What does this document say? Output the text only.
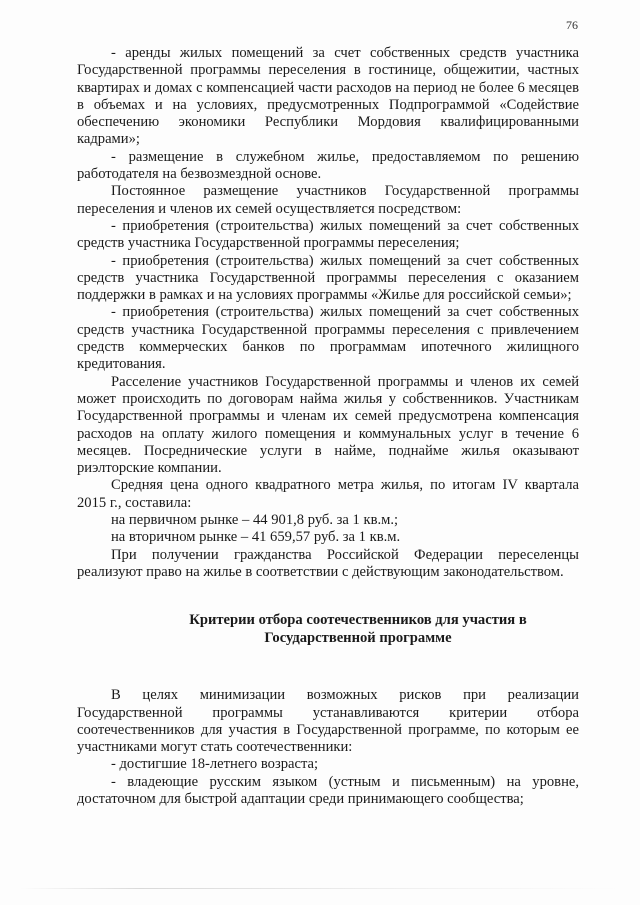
76

- аренды жилых помещений за счет собственных средств участника Государственной программы переселения в гостинице, общежитии, частных квартирах и домах с компенсацией части расходов на период не более 6 месяцев в объемах и на условиях, предусмотренных Подпрограммой «Содействие обеспечению экономики Республики Мордовия квалифицированными кадрами»;

- размещение в служебном жилье, предоставляемом по решению работодателя на безвозмездной основе.

Постоянное размещение участников Государственной программы переселения и членов их семей осуществляется посредством:

- приобретения (строительства) жилых помещений за счет собственных средств участника Государственной программы переселения;

- приобретения (строительства) жилых помещений за счет собственных средств участника Государственной программы переселения с оказанием поддержки в рамках и на условиях программы «Жилье для российской семьи»;

- приобретения (строительства) жилых помещений за счет собственных средств участника Государственной программы переселения с привлечением средств коммерческих банков по программам ипотечного жилищного кредитования.

Расселение участников Государственной программы и членов их семей может происходить по договорам найма жилья у собственников. Участникам Государственной программы и членам их семей предусмотрена компенсация расходов на оплату жилого помещения и коммунальных услуг в течение 6 месяцев. Посреднические услуги в найме, поднайме жилья оказывают риэлторские компании.

Средняя цена одного квадратного метра жилья, по итогам IV квартала 2015 г., составила:

на первичном рынке – 44 901,8 руб. за 1 кв.м.;

на вторичном рынке – 41 659,57 руб. за 1 кв.м.

При получении гражданства Российской Федерации переселенцы реализуют право на жилье в соответствии с действующим законодательством.

Критерии отбора соотечественников для участия в

Государственной программе

В целях минимизации возможных рисков при реализации Государственной программы устанавливаются критерии отбора соотечественников для участия в Государственной программе, по которым ее участниками могут стать соотечественники:

- достигшие 18-летнего возраста;

- владеющие русским языком (устным и письменным) на уровне, достаточном для быстрой адаптации среди принимающего сообщества;
